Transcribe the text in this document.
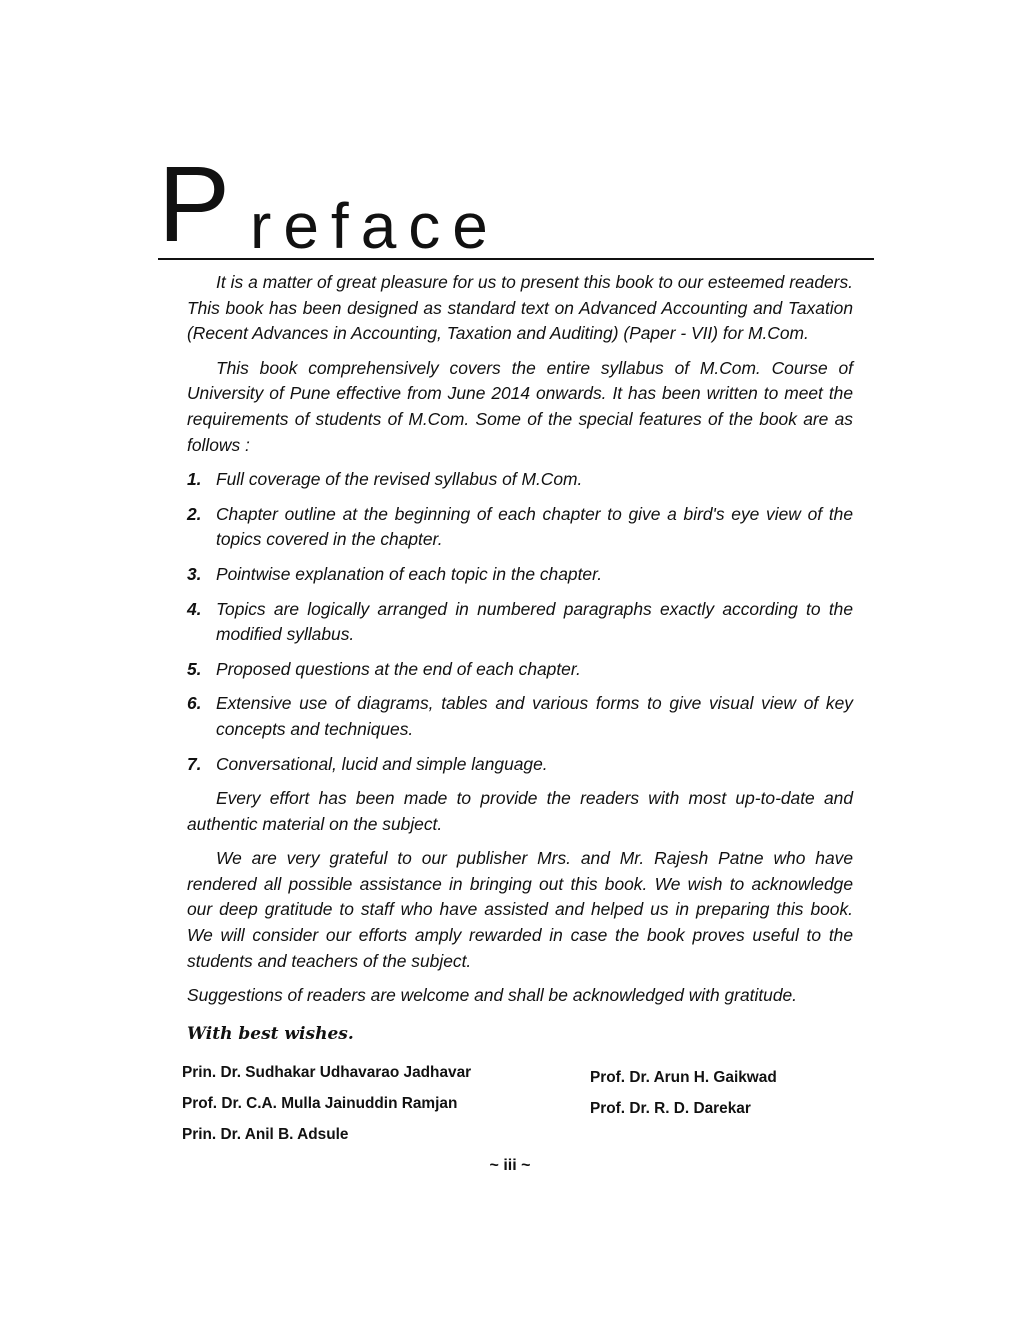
P reface

It is a matter of great pleasure for us to present this book to our esteemed readers. This book has been designed as standard text on Advanced Accounting and Taxation (Recent Advances in Accounting, Taxation and Auditing) (Paper - VII) for M.Com.

This book comprehensively covers the entire syllabus of M.Com. Course of University of Pune effective from June 2014 onwards. It has been written to meet the requirements of students of M.Com. Some of the special features of the book are as follows :

1. Full coverage of the revised syllabus of M.Com.
2. Chapter outline at the beginning of each chapter to give a bird's eye view of the topics covered in the chapter.
3. Pointwise explanation of each topic in the chapter.
4. Topics are logically arranged in numbered paragraphs exactly according to the modified syllabus.
5. Proposed questions at the end of each chapter.
6. Extensive use of diagrams, tables and various forms to give visual view of key concepts and techniques.
7. Conversational, lucid and simple language.

Every effort has been made to provide the readers with most up-to-date and authentic material on the subject.

We are very grateful to our publisher Mrs. and Mr. Rajesh Patne who have rendered all possible assistance in bringing out this book. We wish to acknowledge our deep gratitude to staff who have assisted and helped us in preparing this book. We will consider our efforts amply rewarded in case the book proves useful to the students and teachers of the subject.

Suggestions of readers are welcome and shall be acknowledged with gratitude.

With best wishes.
Prin. Dr. Sudhakar Udhavarao Jadhavar
Prof. Dr. C.A. Mulla Jainuddin Ramjan
Prin. Dr. Anil B. Adsule
Prof. Dr. Arun H. Gaikwad
Prof. Dr. R. D. Darekar
~ iii ~
